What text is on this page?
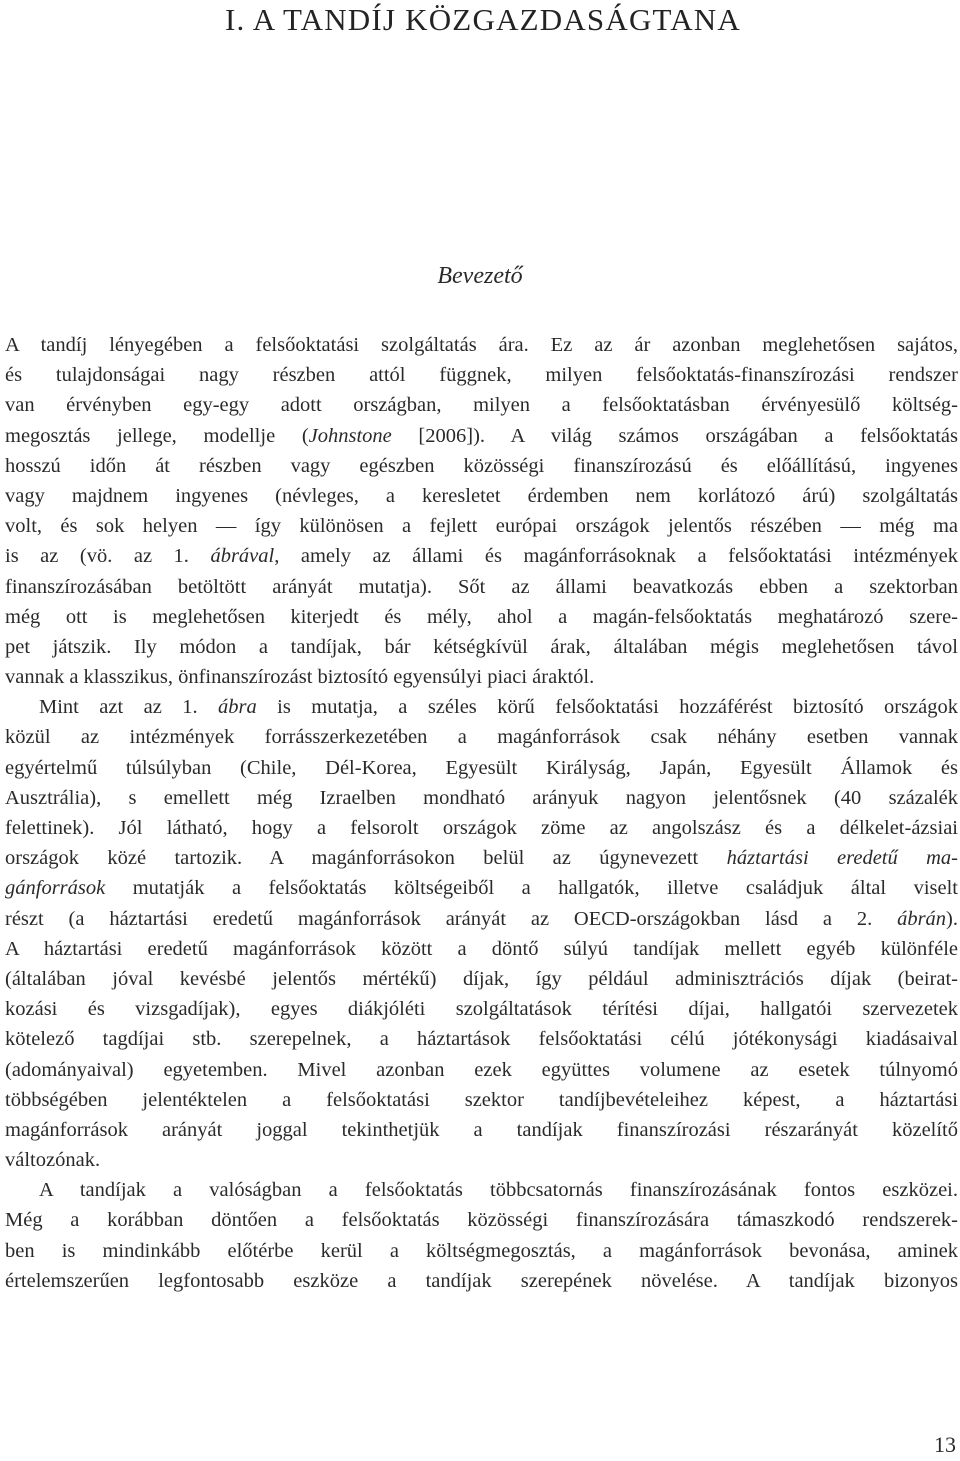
I. A TANDÍJ KÖZGAZDASÁGTANA
Bevezető
A tandíj lényegében a felsőoktatási szolgáltatás ára. Ez az ár azonban meglehetősen sajátos,
és tulajdonságai nagy részben attól függnek, milyen felsőoktatás-finanszírozási rendszer
van érvényben egy-egy adott országban, milyen a felsőoktatásban érvényesülő költség-
megosztás jellege, modellje (Johnstone [2006]). A világ számos országában a felsőoktatás
hosszú időn át részben vagy egészben közösségi finanszírozású és előállítású, ingyenes
vagy majdnem ingyenes (névleges, a keresletet érdemben nem korlátozó árú) szolgáltatás
volt, és sok helyen — így különösen a fejlett európai országok jelentős részében — még ma
is az (vö. az 1. ábrával, amely az állami és magánforrásoknak a felsőoktatási intézmények
finanszírozásában betöltött arányát mutatja). Sőt az állami beavatkozás ebben a szektorban
még ott is meglehetősen kiterjedt és mély, ahol a magán-felsőoktatás meghatározó szere-
pet játszik. Ily módon a tandíjak, bár kétségkívül árak, általában mégis meglehetősen távol
vannak a klasszikus, önfinanszírozást biztosító egyensúlyi piaci áraktól.
Mint azt az 1. ábra is mutatja, a széles körű felsőoktatási hozzáférést biztosító országok
közül az intézmények forrásszerkezetében a magánforrások csak néhány esetben vannak
egyértelmű túlsúlyban (Chile, Dél-Korea, Egyesült Királyság, Japán, Egyesült Államok és
Ausztrália), s emellett még Izraelben mondható arányuk nagyon jelentősnek (40 százalék
felettinek). Jól látható, hogy a felsorolt országok zöme az angolszász és a délkelet-ázsiai
országok közé tartozik. A magánforrásokon belül az úgynevezett háztartási eredetű ma-
gánforrások mutatják a felsőoktatás költségeiből a hallgatók, illetve családjuk által viselt
részt (a háztartási eredetű magánforrások arányát az OECD-országokban lásd a 2. ábrán).
A háztartási eredetű magánforrások között a döntő súlyú tandíjak mellett egyéb különféle
(általában jóval kevésbé jelentős mértékű) díjak, így például adminisztrációs díjak (beirat-
kozási és vizsgadíjak), egyes diákjóléti szolgáltatások térítési díjai, hallgatói szervezetek
kötelező tagdíjai stb. szerepelnek, a háztartások felsőoktatási célú jótékonysági kiadásaival
(adományaival) egyetemben. Mivel azonban ezek együttes volumene az esetek túlnyomó
többségében jelentéktelen a felsőoktatási szektor tandíjbevételeihez képest, a háztartási
magánforrások arányát joggal tekinthetjük a tandíjak finanszírozási részarányát közelítő
változónak.
A tandíjak a valóságban a felsőoktatás többcsatornás finanszírozásának fontos eszközei.
Még a korábban döntően a felsőoktatás közösségi finanszírozására támaszkodó rendszerek-
ben is mindinkább előtérbe kerül a költségmegosztás, a magánforrások bevonása, aminek
értelemszerűen legfontosabb eszköze a tandíjak szerepének növelése. A tandíjak bizonyos

13
